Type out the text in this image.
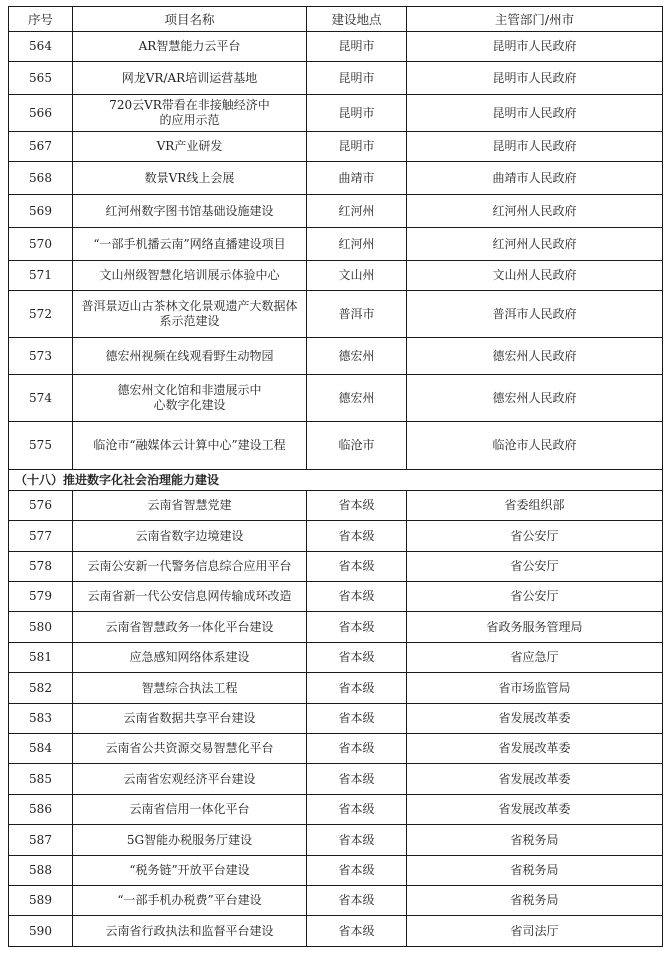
序号	项目名称	建设地点	主管部门/州市
564	AR智慧能力云平台	昆明市	昆明市人民政府
565	网龙VR/AR培训运营基地	昆明市	昆明市人民政府
566	720云VR带看在非接触经济中的应用示范	昆明市	昆明市人民政府
567	VR产业研发	昆明市	昆明市人民政府
568	数景VR线上会展	曲靖市	曲靖市人民政府
569	红河州数字图书馆基础设施建设	红河州	红河州人民政府
570	“一部手机播云南”网络直播建设项目	红河州	红河州人民政府
571	文山州级智慧化培训展示体验中心	文山州	文山州人民政府
572	普洱景迈山古茶林文化景观遗产大数据体系示范建设	普洱市	普洱市人民政府
573	德宏州视频在线观看野生动物园	德宏州	德宏州人民政府
574	德宏州文化馆和非遗展示中心数字化建设	德宏州	德宏州人民政府
575	临沧市“融媒体云计算中心”建设工程	临沧市	临沧市人民政府
（十八）推进数字化社会治理能力建设			
576	云南省智慧党建	省本级	省委组织部
577	云南省数字边境建设	省本级	省公安厅
578	云南公安新一代警务信息综合应用平台	省本级	省公安厅
579	云南省新一代公安信息网传输成环改造	省本级	省公安厅
580	云南省智慧政务一体化平台建设	省本级	省政务服务管理局
581	应急感知网络体系建设	省本级	省应急厅
582	智慧综合执法工程	省本级	省市场监管局
583	云南省数据共享平台建设	省本级	省发展改革委
584	云南省公共资源交易智慧化平台	省本级	省发展改革委
585	云南省宏观经济平台建设	省本级	省发展改革委
586	云南省信用一体化平台	省本级	省发展改革委
587	5G智能办税服务厅建设	省本级	省税务局
588	“税务链”开放平台建设	省本级	省税务局
589	“一部手机办税费”平台建设	省本级	省税务局
590	云南省行政执法和监督平台建设	省本级	省司法厅
